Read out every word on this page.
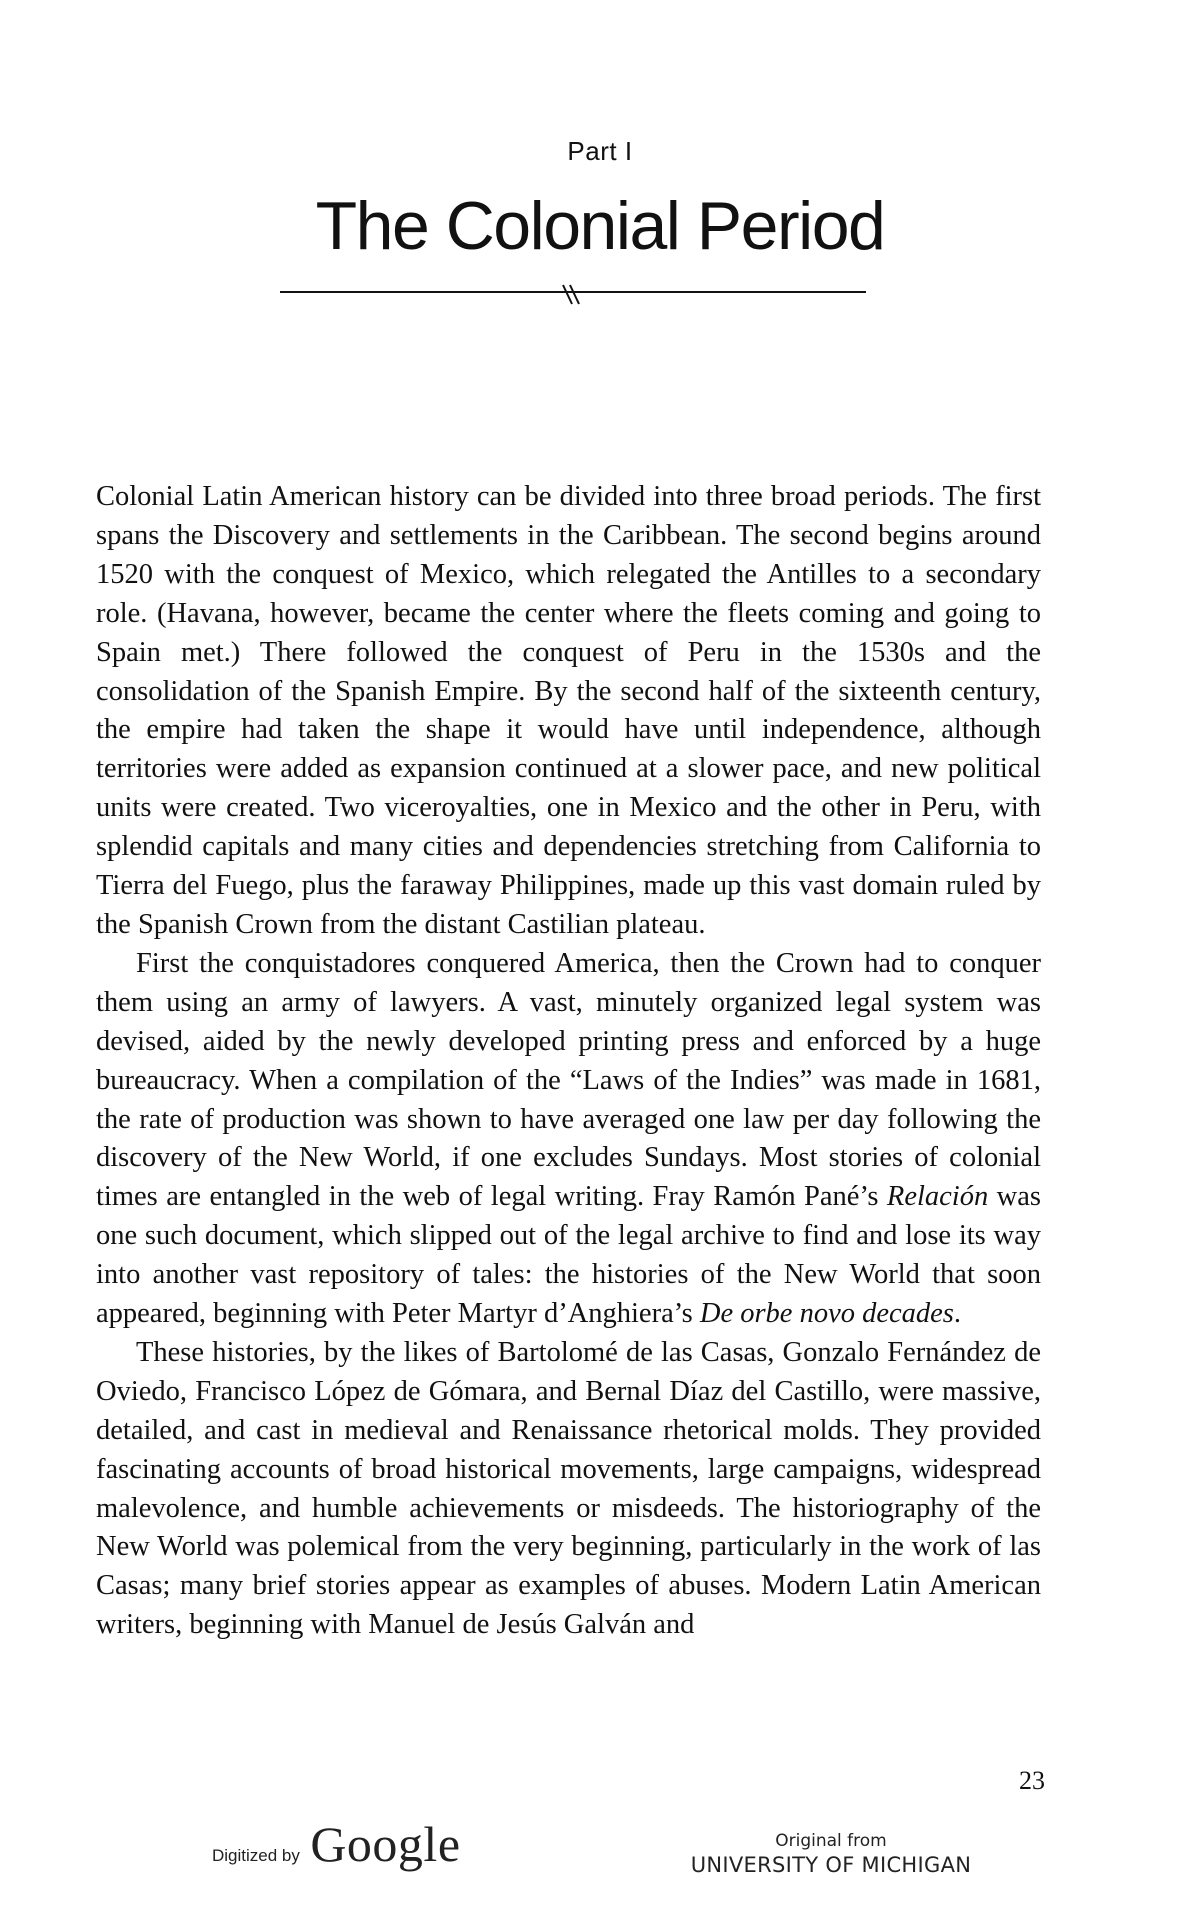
Part I
The Colonial Period

Colonial Latin American history can be divided into three broad periods. The first spans the Discovery and settlements in the Caribbean. The second begins around 1520 with the conquest of Mexico, which relegated the Antilles to a secondary role. (Havana, however, became the center where the fleets coming and going to Spain met.) There followed the conquest of Peru in the 1530s and the consolidation of the Spanish Empire. By the second half of the sixteenth century, the empire had taken the shape it would have until independence, although territories were added as expansion continued at a slower pace, and new political units were created. Two viceroyalties, one in Mexico and the other in Peru, with splendid capitals and many cities and dependencies stretching from California to Tierra del Fuego, plus the faraway Philippines, made up this vast domain ruled by the Spanish Crown from the distant Castilian plateau.

First the conquistadores conquered America, then the Crown had to conquer them using an army of lawyers. A vast, minutely organized legal system was devised, aided by the newly developed printing press and enforced by a huge bureaucracy. When a compilation of the “Laws of the Indies” was made in 1681, the rate of production was shown to have averaged one law per day following the discovery of the New World, if one excludes Sundays. Most stories of colonial times are entangled in the web of legal writing. Fray Ramón Pané’s Relación was one such document, which slipped out of the legal archive to find and lose its way into another vast repository of tales: the histories of the New World that soon appeared, beginning with Peter Martyr d’Anghiera’s De orbe novo decades.

These histories, by the likes of Bartolomé de las Casas, Gonzalo Fernández de Oviedo, Francisco López de Gómara, and Bernal Díaz del Castillo, were massive, detailed, and cast in medieval and Renaissance rhetorical molds. They provided fascinating accounts of broad historical movements, large campaigns, widespread malevolence, and humble achievements or misdeeds. The historiography of the New World was polemical from the very beginning, particularly in the work of las Casas; many brief stories appear as examples of abuses. Modern Latin American writers, beginning with Manuel de Jesús Galván and

23
Digitized by Google	Original from
UNIVERSITY OF MICHIGAN
